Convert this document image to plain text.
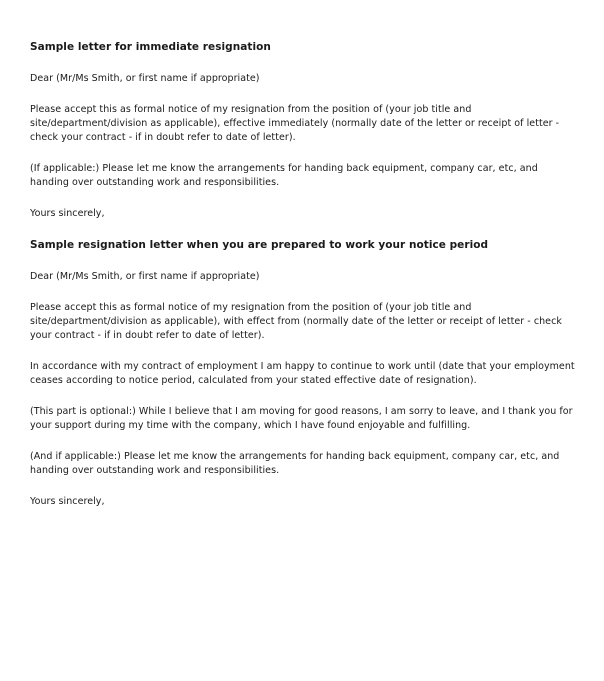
Sample letter for immediate resignation

Dear (Mr/Ms Smith, or first name if appropriate)

Please accept this as formal notice of my resignation from the position of (your job title and site/department/division as applicable), effective immediately (normally date of the letter or receipt of letter - check your contract - if in doubt refer to date of letter).

(If applicable:) Please let me know the arrangements for handing back equipment, company car, etc, and handing over outstanding work and responsibilities.

Yours sincerely,

Sample resignation letter when you are prepared to work your notice period

Dear (Mr/Ms Smith, or first name if appropriate)

Please accept this as formal notice of my resignation from the position of (your job title and site/department/division as applicable), with effect from (normally date of the letter or receipt of letter - check your contract - if in doubt refer to date of letter).

In accordance with my contract of employment I am happy to continue to work until (date that your employment ceases according to notice period, calculated from your stated effective date of resignation).

(This part is optional:) While I believe that I am moving for good reasons, I am sorry to leave, and I thank you for your support during my time with the company, which I have found enjoyable and fulfilling.

(And if applicable:) Please let me know the arrangements for handing back equipment, company car, etc, and handing over outstanding work and responsibilities.

Yours sincerely,
